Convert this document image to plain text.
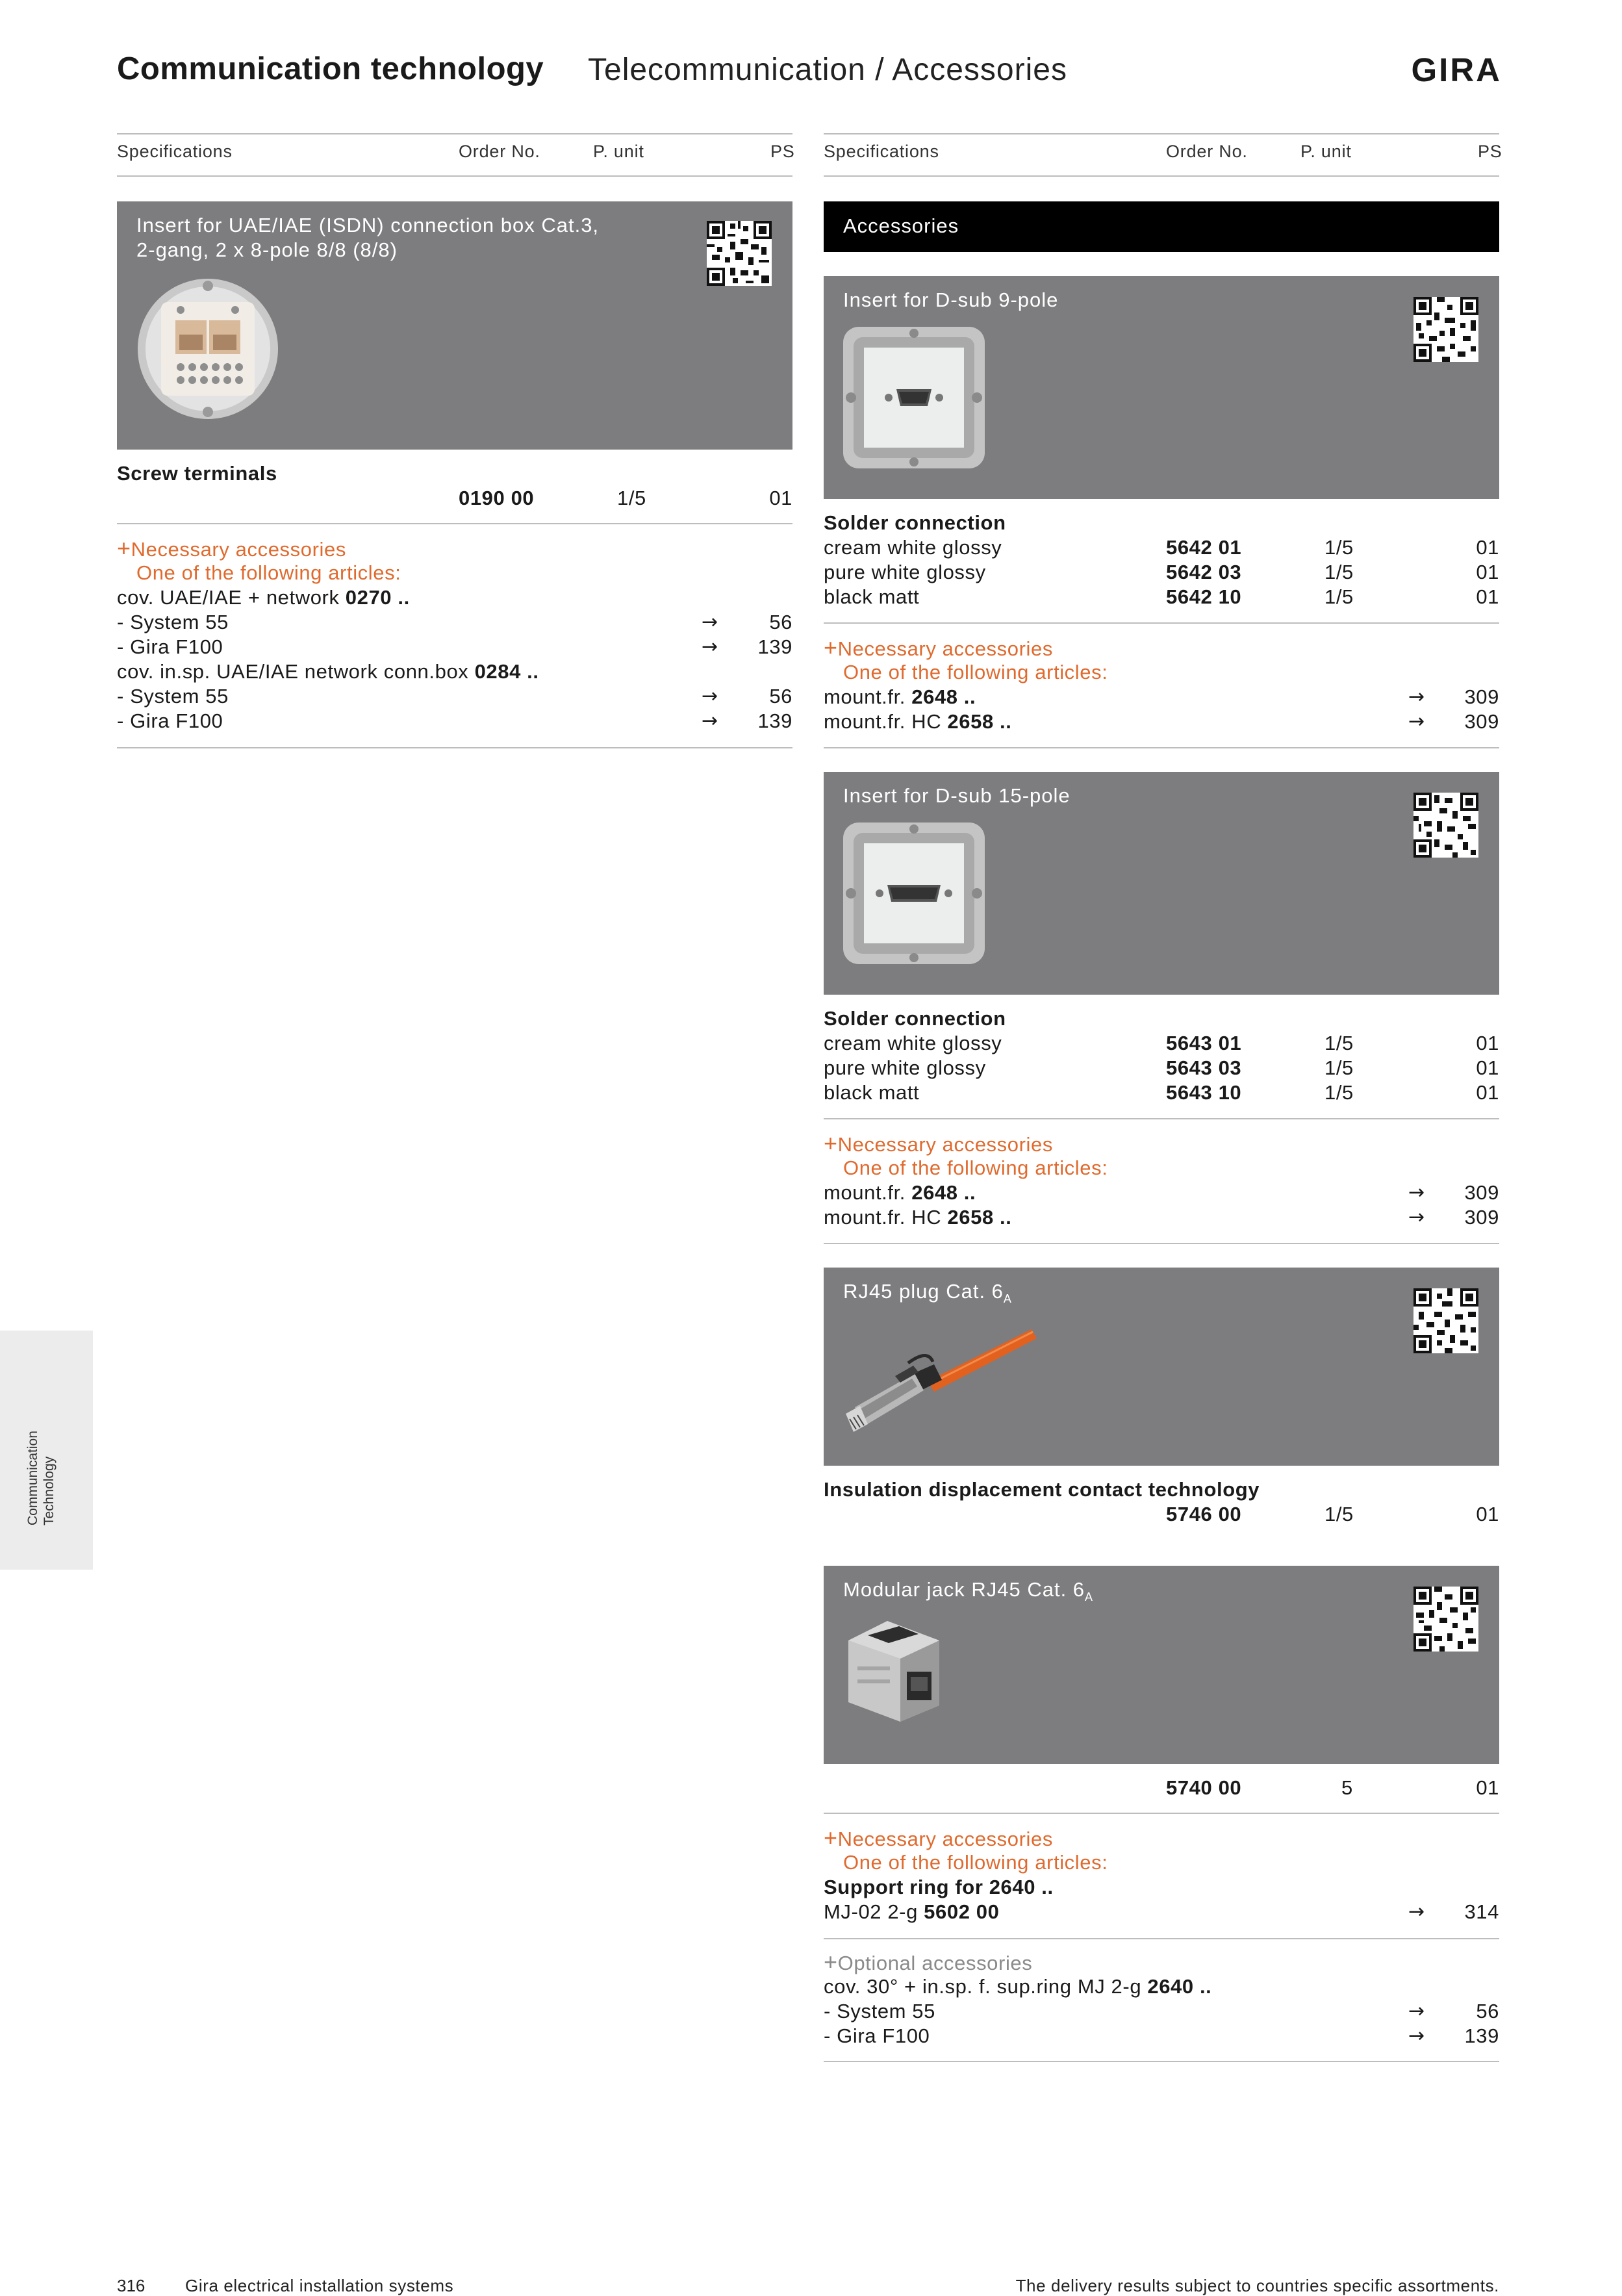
Communication technology Telecommunication / Accessories	GIRA
Specifications	Order No.	P. unit	PS Specifications	Order No.	P. unit	PS
Insert for UAE/IAE (ISDN) connection box Cat.3,
2-gang, 2 x 8-pole 8/8 (8/8)
Screw terminals
0190 00	1/5	01
+Necessary accessories
One of the following articles:
cov. UAE/IAE + network 0270 ..
- System 55	→	56
- Gira F100	→ 139
cov. in.sp. UAE/IAE network conn.box 0284 ..
- System 55	→	56
- Gira F100	→ 139
Accessories
Insert for D-sub 9-pole
Solder connection
cream white glossy	5642 01	1/5	01
pure white glossy	5642 03	1/5	01
black matt	5642 10	1/5	01
+Necessary accessories
One of the following articles:
mount.fr. 2648 ..	→ 309
mount.fr. HC 2658 ..	→ 309
Insert for D-sub 15-pole
Solder connection
cream white glossy	5643 01	1/5	01
pure white glossy	5643 03	1/5	01
black matt	5643 10	1/5	01
+Necessary accessories
One of the following articles:
mount.fr. 2648 ..	→ 309
mount.fr. HC 2658 ..	→ 309
RJ45 plug Cat. $6_A$
Insulation displacement contact technology
5746 00	1/5	01
Modular jack RJ45 Cat. $6_A$
5740 00	5	01
+Necessary accessories
One of the following articles:
Support ring for 2640 ..
MJ-02 2-g 5602 00	→ 314
+Optional accessories
cov. 30° + in.sp. f. sup.ring MJ 2-g 2640 ..
- System 55	→	56
- Gira F100	→ 139
Communication Technology
316 Gira electrical installation systems	The delivery results subject to countries specific assortments.
